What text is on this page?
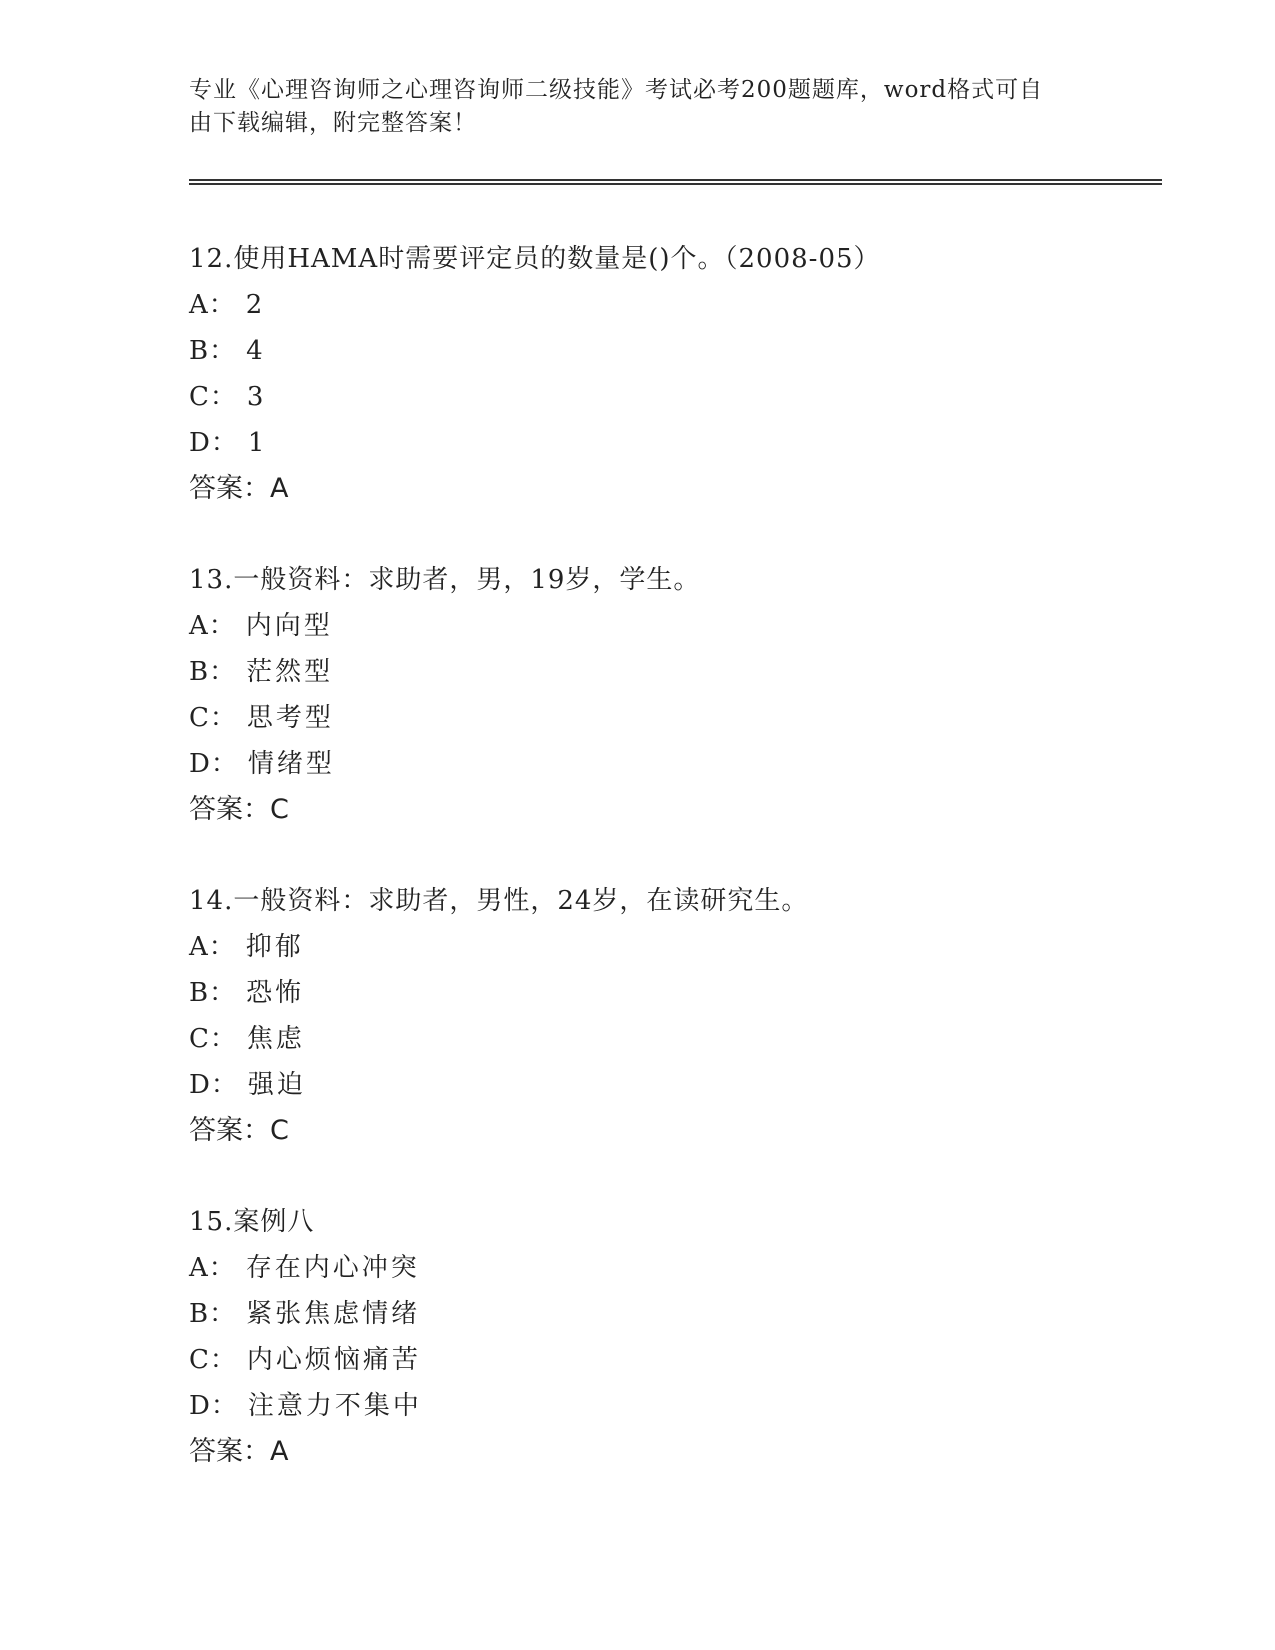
专业《心理咨询师之心理咨询师二级技能》考试必考200题题库，word格式可自
由下载编辑，附完整答案！
12.使用HAMA时需要评定员的数量是()个。（2008-05）
A： 2
B： 4
C： 3
D： 1
答案：A
13.一般资料：求助者，男，19岁，学生。
A： 内向型
B： 茫然型
C： 思考型
D： 情绪型
答案：C
14.一般资料：求助者，男性，24岁，在读研究生。
A： 抑郁
B： 恐怖
C： 焦虑
D： 强迫
答案：C
15.案例八
A： 存在内心冲突
B： 紧张焦虑情绪
C： 内心烦恼痛苦
D： 注意力不集中
答案：A
